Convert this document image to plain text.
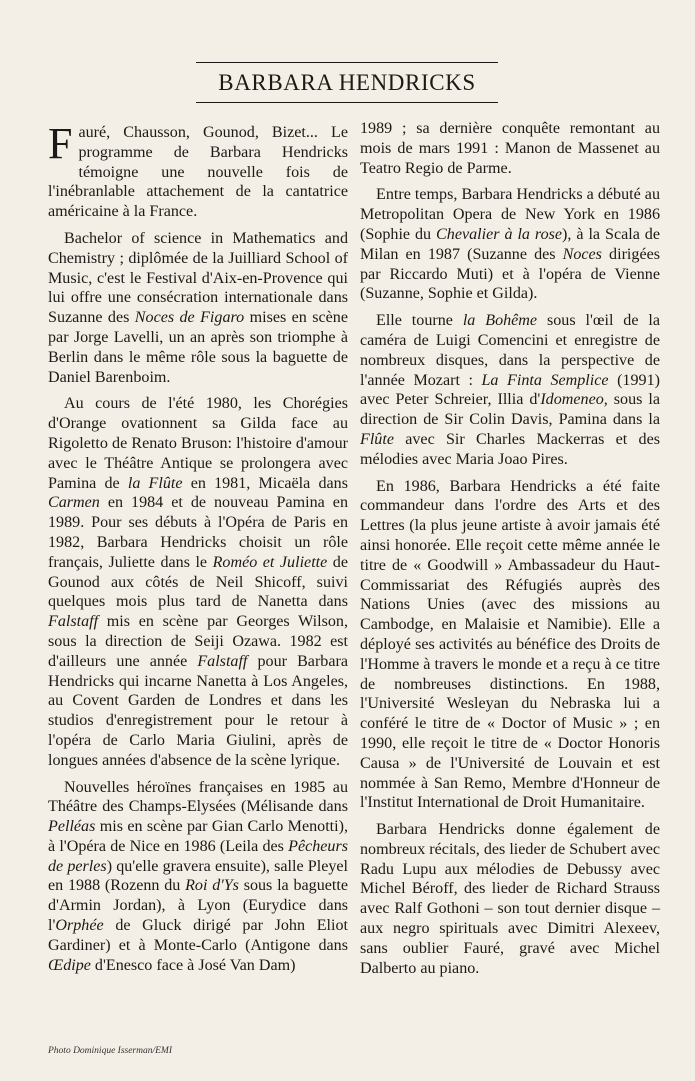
BARBARA HENDRICKS

Fauré, Chausson, Gounod, Bizet... Le programme de Barbara Hendricks témoigne une nouvelle fois de l'inébranlable attachement de la cantatrice américaine à la France.

Bachelor of science in Mathematics and Chemistry ; diplômée de la Juilliard School of Music, c'est le Festival d'Aix-en-Provence qui lui offre une consécration internationale dans Suzanne des Noces de Figaro mises en scène par Jorge Lavelli, un an après son triomphe à Berlin dans le même rôle sous la baguette de Daniel Barenboim.

Au cours de l'été 1980, les Chorégies d'Orange ovationnent sa Gilda face au Rigoletto de Renato Bruson: l'histoire d'amour avec le Théâtre Antique se prolongera avec Pamina de la Flûte en 1981, Micaëla dans Carmen en 1984 et de nouveau Pamina en 1989. Pour ses débuts à l'Opéra de Paris en 1982, Barbara Hendricks choisit un rôle français, Juliette dans le Roméo et Juliette de Gounod aux côtés de Neil Shicoff, suivi quelques mois plus tard de Nanetta dans Falstaff mis en scène par Georges Wilson, sous la direction de Seiji Ozawa. 1982 est d'ailleurs une année Falstaff pour Barbara Hendricks qui incarne Nanetta à Los Angeles, au Covent Garden de Londres et dans les studios d'enregistrement pour le retour à l'opéra de Carlo Maria Giulini, après de longues années d'absence de la scène lyrique.

Nouvelles héroïnes françaises en 1985 au Théâtre des Champs-Elysées (Mélisande dans Pelléas mis en scène par Gian Carlo Menotti), à l'Opéra de Nice en 1986 (Leila des Pêcheurs de perles) qu'elle gravera ensuite), salle Pleyel en 1988 (Rozenn du Roi d'Ys sous la baguette d'Armin Jordan), à Lyon (Eurydice dans l'Orphée de Gluck dirigé par John Eliot Gardiner) et à Monte-Carlo (Antigone dans Œdipe d'Enesco face à José Van Dam)

1989 ; sa dernière conquête remontant au mois de mars 1991 : Manon de Massenet au Teatro Regio de Parme.

Entre temps, Barbara Hendricks a débuté au Metropolitan Opera de New York en 1986 (Sophie du Chevalier à la rose), à la Scala de Milan en 1987 (Suzanne des Noces dirigées par Riccardo Muti) et à l'opéra de Vienne (Suzanne, Sophie et Gilda).

Elle tourne la Bohême sous l'œil de la caméra de Luigi Comencini et enregistre de nombreux disques, dans la perspective de l'année Mozart : La Finta Semplice (1991) avec Peter Schreier, Illia d'Idomeneo, sous la direction de Sir Colin Davis, Pamina dans la Flûte avec Sir Charles Mackerras et des mélodies avec Maria Joao Pires.

En 1986, Barbara Hendricks a été faite commandeur dans l'ordre des Arts et des Lettres (la plus jeune artiste à avoir jamais été ainsi honorée. Elle reçoit cette même année le titre de « Goodwill » Ambassadeur du Haut-Commissariat des Réfugiés auprès des Nations Unies (avec des missions au Cambodge, en Malaisie et Namibie). Elle a déployé ses activités au bénéfice des Droits de l'Homme à travers le monde et a reçu à ce titre de nombreuses distinctions. En 1988, l'Université Wesleyan du Nebraska lui a conféré le titre de « Doctor of Music » ; en 1990, elle reçoit le titre de « Doctor Honoris Causa » de l'Université de Louvain et est nommée à San Remo, Membre d'Honneur de l'Institut International de Droit Humanitaire.

Barbara Hendricks donne également de nombreux récitals, des lieder de Schubert avec Radu Lupu aux mélodies de Debussy avec Michel Béroff, des lieder de Richard Strauss avec Ralf Gothoni – son tout dernier disque – aux negro spirituals avec Dimitri Alexeev, sans oublier Fauré, gravé avec Michel Dalberto au piano.

Photo Dominique Isserman/EMI
